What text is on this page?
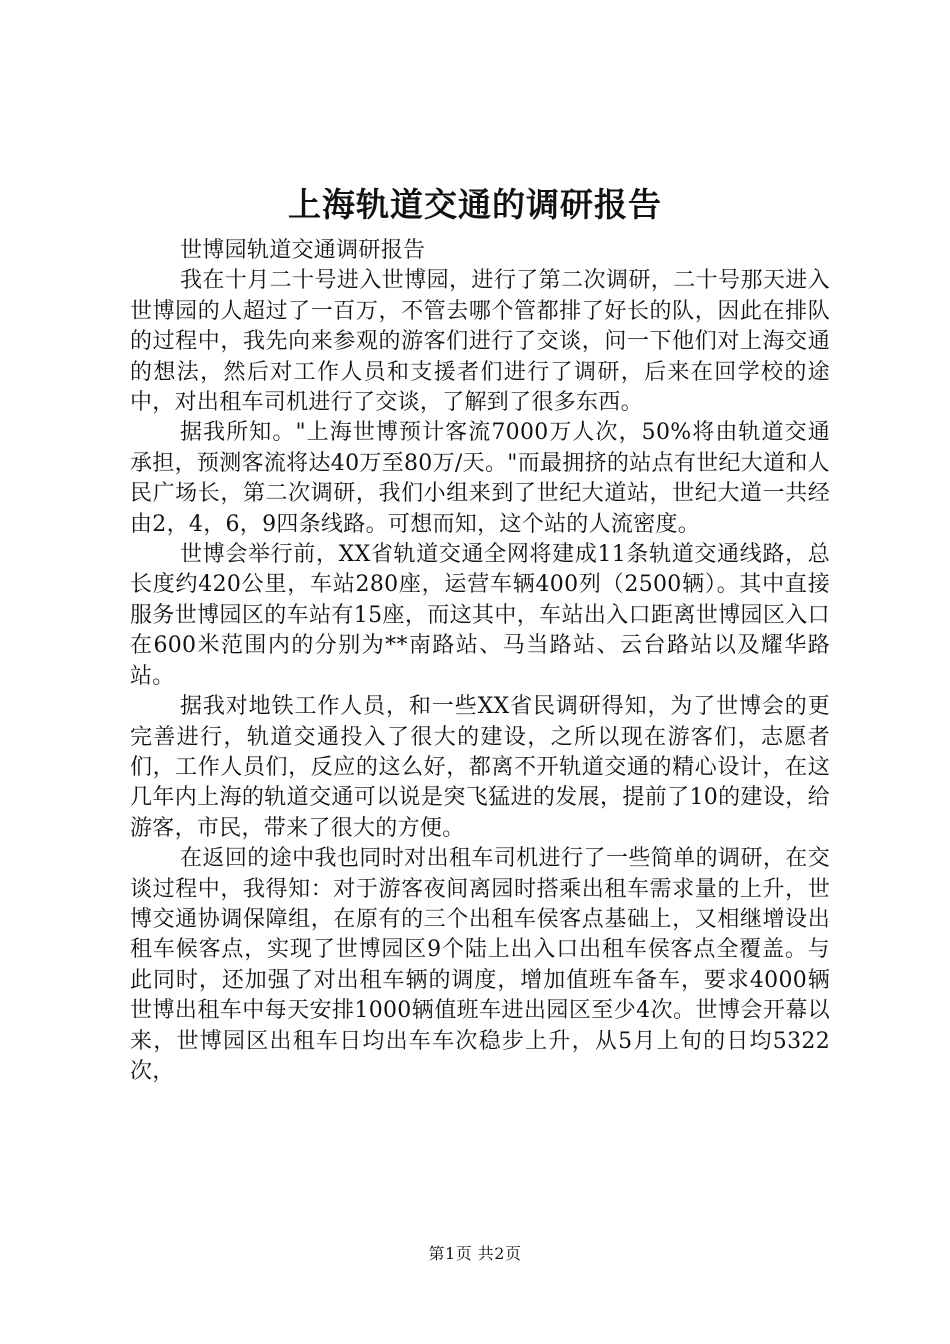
上海轨道交通的调研报告

世博园轨道交通调研报告

我在十月二十号进入世博园，进行了第二次调研，二十号那天进入世博园的人超过了一百万，不管去哪个管都排了好长的队，因此在排队的过程中，我先向来参观的游客们进行了交谈，问一下他们对上海交通的想法，然后对工作人员和支援者们进行了调研，后来在回学校的途中，对出租车司机进行了交谈，了解到了很多东西。

据我所知。"上海世博预计客流7000万人次，50%将由轨道交通承担，预测客流将达40万至80万/天。"而最拥挤的站点有世纪大道和人民广场长，第二次调研，我们小组来到了世纪大道站，世纪大道一共经由2，4，6，9四条线路。可想而知，这个站的人流密度。

世博会举行前，XX省轨道交通全网将建成11条轨道交通线路，总长度约420公里，车站280座，运营车辆400列（2500辆）。其中直接服务世博园区的车站有15座，而这其中，车站出入口距离世博园区入口在600米范围内的分别为**南路站、马当路站、云台路站以及耀华路站。

据我对地铁工作人员，和一些XX省民调研得知，为了世博会的更完善进行，轨道交通投入了很大的建设，之所以现在游客们，志愿者们，工作人员们，反应的这么好，都离不开轨道交通的精心设计，在这几年内上海的轨道交通可以说是突飞猛进的发展，提前了10的建设，给游客，市民，带来了很大的方便。

在返回的途中我也同时对出租车司机进行了一些简单的调研，在交谈过程中，我得知：对于游客夜间离园时搭乘出租车需求量的上升，世博交通协调保障组，在原有的三个出租车侯客点基础上，又相继增设出租车候客点，实现了世博园区9个陆上出入口出租车侯客点全覆盖。与此同时，还加强了对出租车辆的调度，增加值班车备车，要求4000辆世博出租车中每天安排1000辆值班车进出园区至少4次。世博会开幕以来，世博园区出租车日均出车车次稳步上升，从5月上旬的日均5322次，

第1页 共2页
